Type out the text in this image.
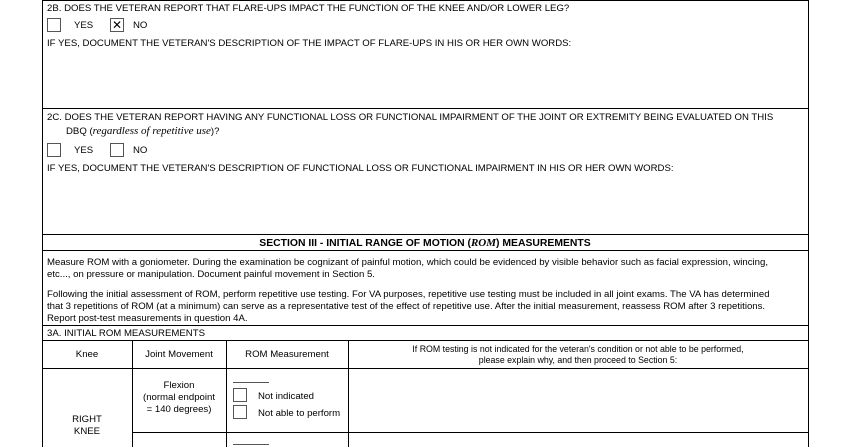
2B. DOES THE VETERAN REPORT THAT FLARE-UPS IMPACT THE FUNCTION OF THE KNEE AND/OR LOWER LEG?
YES
✕	NO
IF YES, DOCUMENT THE VETERAN'S DESCRIPTION OF THE IMPACT OF FLARE-UPS IN HIS OR HER OWN WORDS:
2C. DOES THE VETERAN REPORT HAVING ANY FUNCTIONAL LOSS OR FUNCTIONAL IMPAIRMENT OF THE JOINT OR EXTREMITY BEING EVALUATED ON THIS
DBQ (regardless of repetitive use)?
YES	NO
IF YES, DOCUMENT THE VETERAN'S DESCRIPTION OF FUNCTIONAL LOSS OR FUNCTIONAL IMPAIRMENT IN HIS OR HER OWN WORDS:
SECTION III - INITIAL RANGE OF MOTION (ROM) MEASUREMENTS
Measure ROM with a goniometer. During the examination be cognizant of painful motion, which could be evidenced by visible behavior such as facial expression, wincing,
etc..., on pressure or manipulation. Document painful movement in Section 5.
Following the initial assessment of ROM, perform repetitive use testing. For VA purposes, repetitive use testing must be included in all joint exams. The VA has determined
that 3 repetitions of ROM (at a minimum) can serve as a representative test of the effect of repetitive use. After the initial measurement, reassess ROM after 3 repetitions.
Report post-test measurements in question 4A.
3A. INITIAL ROM MEASUREMENTS
Knee	Joint Movement	ROM Measurement	If ROM testing is not indicated for the veteran's condition or not able to be performed,
please explain why, and then proceed to Section 5:
RIGHT
KNEE
Flexion
(normal endpoint
= 140 degrees)
Not indicated
Not able to perform
